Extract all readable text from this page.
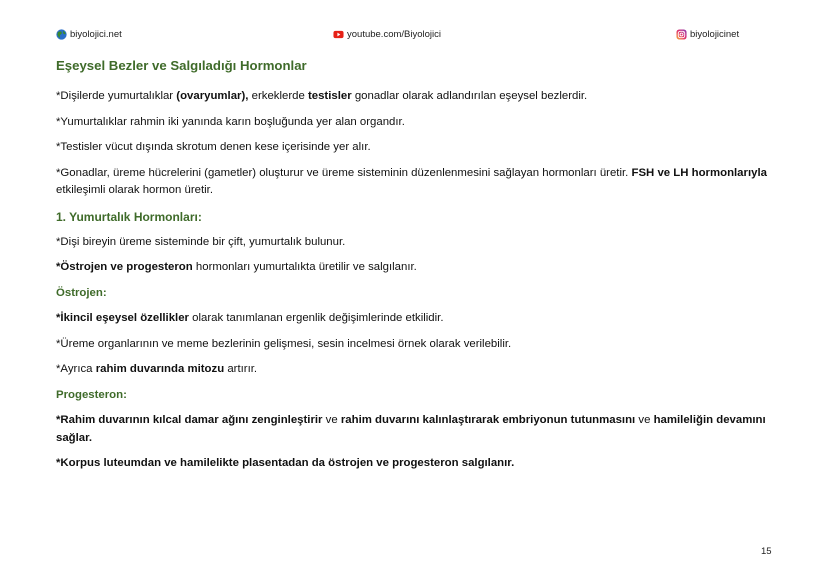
biyolojici.net	youtube.com/Biyolojici	biyolojicinet
Eşeysel Bezler ve Salgıladığı Hormonlar

*Dişilerde yumurtalıklar (ovaryumlar), erkeklerde testisler gonadlar olarak adlandırılan eşeysel bezlerdir.

*Yumurtalıklar rahmin iki yanında karın boşluğunda yer alan organdır.

*Testisler vücut dışında skrotum denen kese içerisinde yer alır.

*Gonadlar, üreme hücrelerini (gametler) oluşturur ve üreme sisteminin düzenlenmesini sağlayan hormonları üretir. FSH ve LH hormonlarıyla etkileşimli olarak hormon üretir.

1. Yumurtalık Hormonları:

*Dişi bireyin üreme sisteminde bir çift, yumurtalık bulunur.

*Östrojen ve progesteron hormonları yumurtalıkta üretilir ve salgılanır.

Östrojen:

*İkincil eşeysel özellikler olarak tanımlanan ergenlik değişimlerinde etkilidir.

*Üreme organlarının ve meme bezlerinin gelişmesi, sesin incelmesi örnek olarak verilebilir.

*Ayrıca rahim duvarında mitozu artırır.

Progesteron:

*Rahim duvarının kılcal damar ağını zenginleştirir ve rahim duvarını kalınlaştırarak embriyonun tutunmasını ve hamileliğin devamını sağlar.

*Korpus luteumdan ve hamilelikte plasentadan da östrojen ve progesteron salgılanır.

15
